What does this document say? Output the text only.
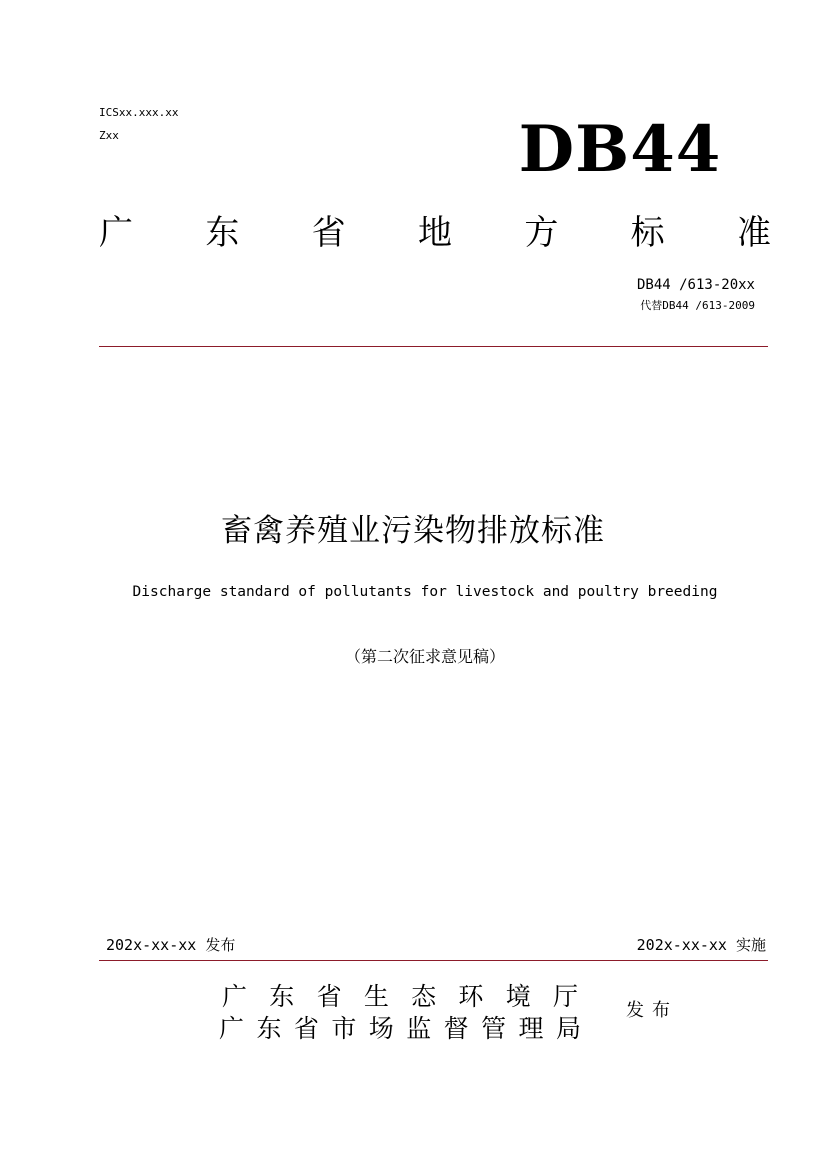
ICSxx.xxx.xx
Zxx	DB44
广 东 省 地 方 标 准
DB44 /613-20xx
代替DB44 /613-2009
畜禽养殖业污染物排放标准
Discharge standard of pollutants for livestock and poultry breeding
（第二次征求意见稿）
202x-xx-xx 发布	202x-xx-xx 实施
广 东 省 生 态 环 境 厅
广 东 省 市 场 监 督 管 理 局
发布
